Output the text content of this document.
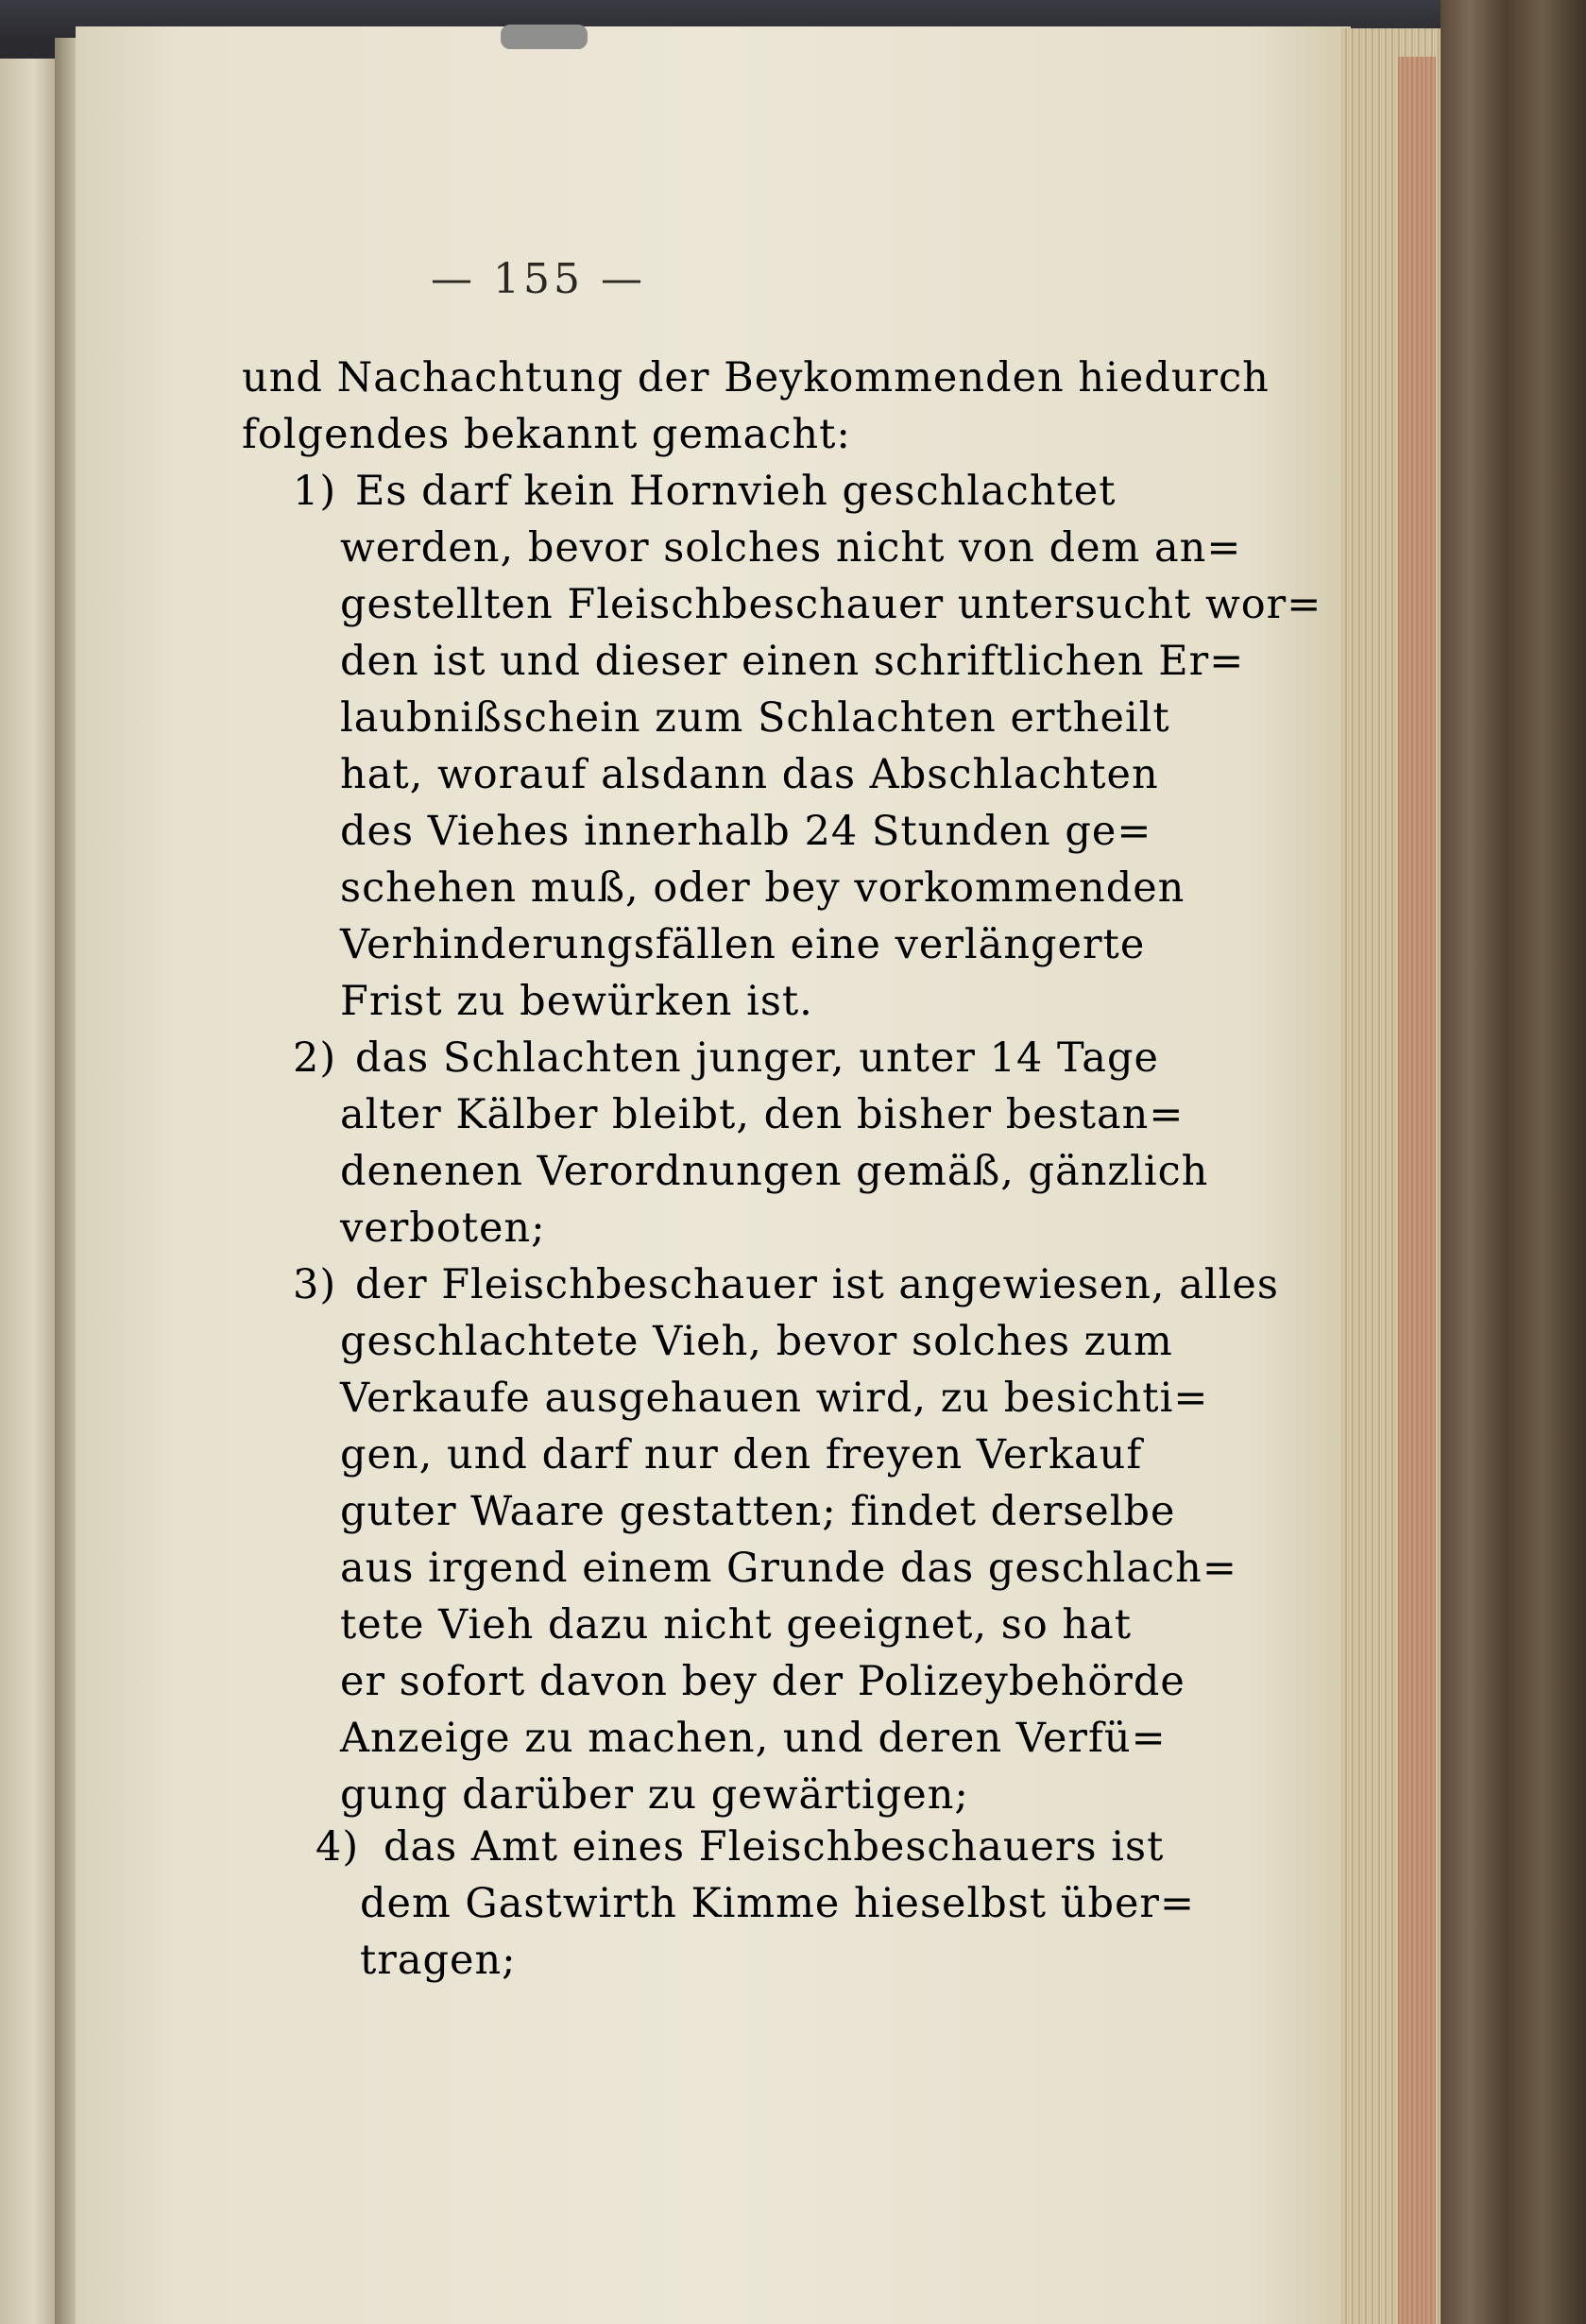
— 155 —
und Nachachtung der Beykommenden hiedurch
folgendes bekannt gemacht:
1) Es darf kein Hornvieh geschlachtet
werden, bevor solches nicht von dem an=
gestellten Fleischbeschauer untersucht wor=
den ist und dieser einen schriftlichen Er=
laubnißschein zum Schlachten ertheilt
hat, worauf alsdann das Abschlachten
des Viehes innerhalb 24 Stunden ge=
schehen muß, oder bey vorkommenden
Verhinderungsfällen eine verlängerte
Frist zu bewürken ist.
2) das Schlachten junger, unter 14 Tage
alter Kälber bleibt, den bisher bestan=
denenen Verordnungen gemäß, gänzlich
verboten;
3) der Fleischbeschauer ist angewiesen, alles
geschlachtete Vieh, bevor solches zum
Verkaufe ausgehauen wird, zu besichti=
gen, und darf nur den freyen Verkauf
guter Waare gestatten; findet derselbe
aus irgend einem Grunde das geschlach=
tete Vieh dazu nicht geeignet, so hat
er sofort davon bey der Polizeybehörde
Anzeige zu machen, und deren Verfü=
gung darüber zu gewärtigen;
4) das Amt eines Fleischbeschauers ist
dem Gastwirth Kimme hieselbst über=
tragen;
